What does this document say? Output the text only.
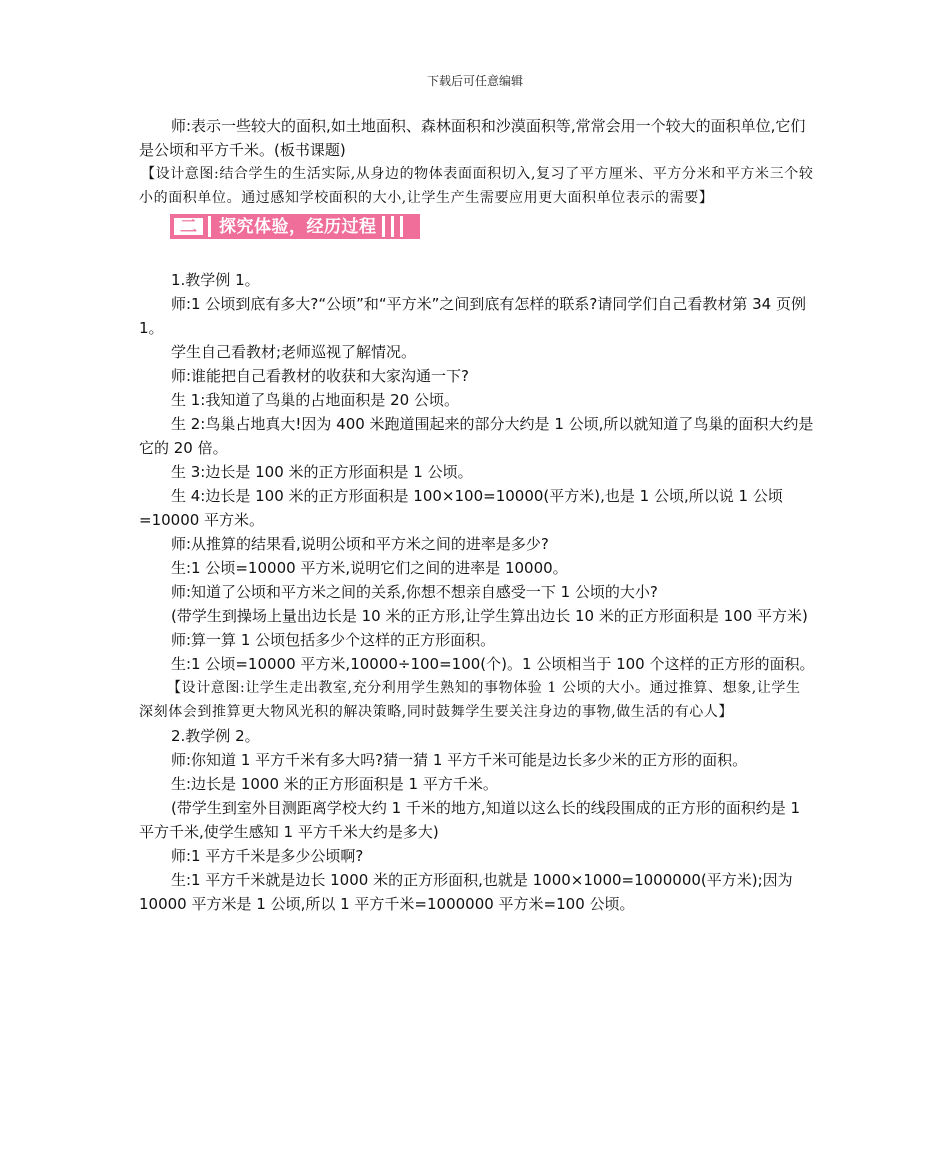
下载后可任意编辑

师:表示一些较大的面积,如土地面积、森林面积和沙漠面积等,常常会用一个较大的面积单位,它们是公顷和平方千米。(板书课题)

【设计意图:结合学生的生活实际,从身边的物体表面面积切入,复习了平方厘米、平方分米和平方米三个较小的面积单位。通过感知学校面积的大小,让学生产生需要应用更大面积单位表示的需要】

二	探究体验，经历过程

1.教学例 1。

师:1 公顷到底有多大?“公顷”和“平方米”之间到底有怎样的联系?请同学们自己看教材第 34 页例 1。

学生自己看教材;老师巡视了解情况。

师:谁能把自己看教材的收获和大家沟通一下?

生 1:我知道了鸟巢的占地面积是 20 公顷。

生 2:鸟巢占地真大!因为 400 米跑道围起来的部分大约是 1 公顷,所以就知道了鸟巢的面积大约是它的 20 倍。

生 3:边长是 100 米的正方形面积是 1 公顷。

生 4:边长是 100 米的正方形面积是 100×100=10000(平方米),也是 1 公顷,所以说 1 公顷=10000 平方米。

师:从推算的结果看,说明公顷和平方米之间的进率是多少?

生:1 公顷=10000 平方米,说明它们之间的进率是 10000。

师:知道了公顷和平方米之间的关系,你想不想亲自感受一下 1 公顷的大小?

(带学生到操场上量出边长是 10 米的正方形,让学生算出边长 10 米的正方形面积是 100 平方米)

师:算一算 1 公顷包括多少个这样的正方形面积。

生:1 公顷=10000 平方米,10000÷100=100(个)。1 公顷相当于 100 个这样的正方形的面积。

【设计意图:让学生走出教室,充分利用学生熟知的事物体验 1 公顷的大小。通过推算、想象,让学生深刻体会到推算更大物风光积的解决策略,同时鼓舞学生要关注身边的事物,做生活的有心人】

2.教学例 2。

师:你知道 1 平方千米有多大吗?猜一猜 1 平方千米可能是边长多少米的正方形的面积。

生:边长是 1000 米的正方形面积是 1 平方千米。

(带学生到室外目测距离学校大约 1 千米的地方,知道以这么长的线段围成的正方形的面积约是 1 平方千米,使学生感知 1 平方千米大约是多大)

师:1 平方千米是多少公顷啊?

生:1 平方千米就是边长 1000 米的正方形面积,也就是 1000×1000=1000000(平方米);因为 10000 平方米是 1 公顷,所以 1 平方千米=1000000 平方米=100 公顷。
